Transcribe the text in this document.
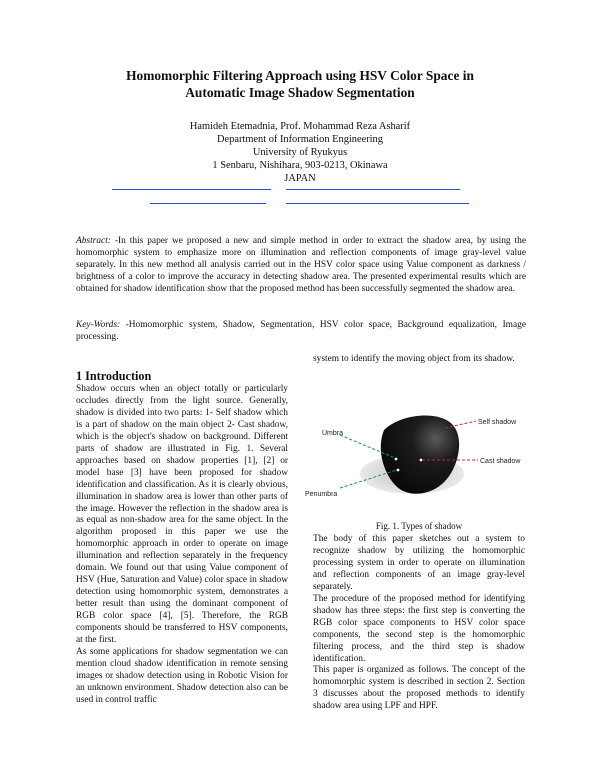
Homomorphic Filtering Approach using HSV Color Space in
Automatic Image Shadow Segmentation
Hamideh Etemadnia, Prof. Mohammad Reza Asharif
Department of Information Engineering
University of Ryukyus
1 Senbaru, Nishihara, 903-0213, Okinawa
JAPAN
Abstract: -In this paper we proposed a new and simple method in order to extract the shadow area, by using the homomorphic system to emphasize more on illumination and reflection components of image gray-level value separately. In this new method all analysis carried out in the HSV color space using Value component as darkness / brightness of a color to improve the accuracy in detecting shadow area. The presented experimental results which are obtained for shadow identification show that the proposed method has been successfully segmented the shadow area.
Key-Words: -Homomorphic system, Shadow, Segmentation, HSV color space, Background equalization, Image processing.
1 Introduction

Shadow occurs when an object totally or particularly occludes directly from the light source. Generally, shadow is divided into two parts: 1- Self shadow which is a part of shadow on the main object 2- Cast shadow, which is the object's shadow on background. Different parts of shadow are illustrated in Fig. 1. Several approaches based on shadow properties [1], [2] or model base [3] have been proposed for shadow identification and classification. As it is clearly obvious, illumination in shadow area is lower than other parts of the image. However the reflection in the shadow area is as equal as non-shadow area for the same object. In the algorithm proposed in this paper we use the homomorphic approach in order to operate on image illumination and reflection separately in the frequency domain. We found out that using Value component of HSV (Hue, Saturation and Value) color space in shadow detection using homomorphic system, demonstrates a better result than using the dominant component of RGB color space [4], [5]. Therefore, the RGB components should be transferred to HSV components, at the first.

As some applications for shadow segmentation we can mention cloud shadow identification in remote sensing images or shadow detection using in Robotic Vision for an unknown environment. Shadow detection also can be used in control traffic

system to identify the moving object from its shadow.

Umbra
Penumbra
Self shadow
Cast shadow
Fig. 1. Types of shadow

The body of this paper sketches out a system to recognize shadow by utilizing the homomorphic processing system in order to operate on illumination and reflection components of an image gray-level separately.

The procedure of the proposed method for identifying shadow has three steps: the first step is converting the RGB color space components to HSV color space components, the second step is the homomorphic filtering process, and the third step is shadow identification.

This paper is organized as follows. The concept of the homomorphic system is described in section 2. Section 3 discusses about the proposed methods to identify shadow area using LPF and HPF.
